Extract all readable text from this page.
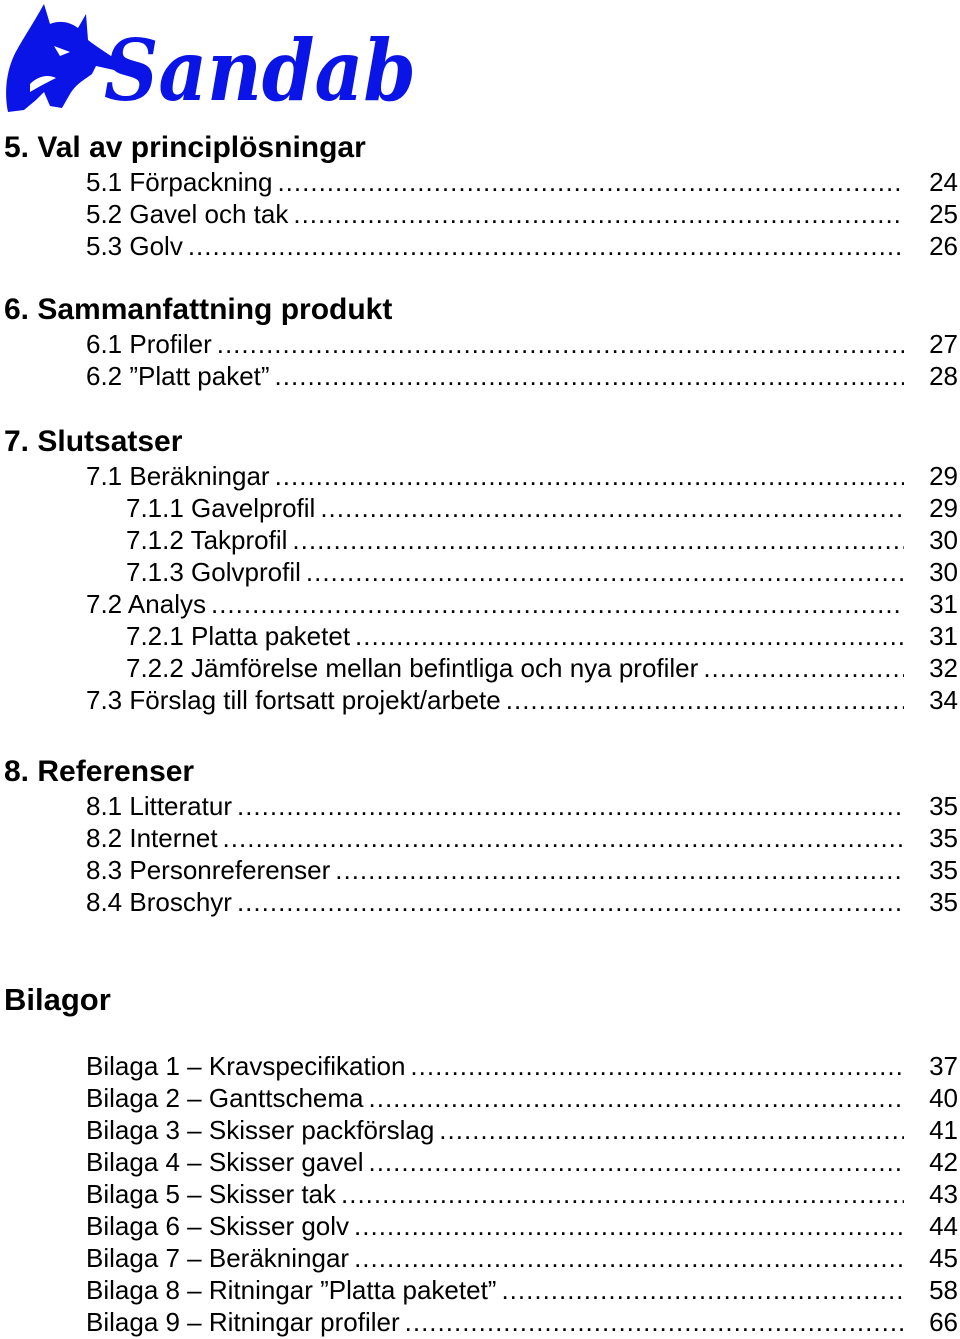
Sandab
5. Val av principlösningar
5.1 Förpackning .....	24
5.2 Gavel och tak .....	25
5.3 Golv .....	26
6. Sammanfattning produkt
6.1 Profiler .....	27
6.2 ”Platt paket” .....	28
7. Slutsatser
7.1 Beräkningar .....	29
7.1.1 Gavelprofil .....	29
7.1.2 Takprofil .....	30
7.1.3 Golvprofil .....	30
7.2 Analys .....	31
7.2.1 Platta paketet .....	31
7.2.2 Jämförelse mellan befintliga och nya profiler .....	32
7.3 Förslag till fortsatt projekt/arbete .....	34
8. Referenser
8.1 Litteratur .....	35
8.2 Internet .....	35
8.3 Personreferenser .....	35
8.4 Broschyr .....	35
Bilagor
Bilaga 1 – Kravspecifikation .....	37
Bilaga 2 – Ganttschema .....	40
Bilaga 3 – Skisser packförslag .....	41
Bilaga 4 – Skisser gavel .....	42
Bilaga 5 – Skisser tak .....	43
Bilaga 6 – Skisser golv .....	44
Bilaga 7 – Beräkningar .....	45
Bilaga 8 – Ritningar ”Platta paketet” .....	58
Bilaga 9 – Ritningar profiler .....	66
